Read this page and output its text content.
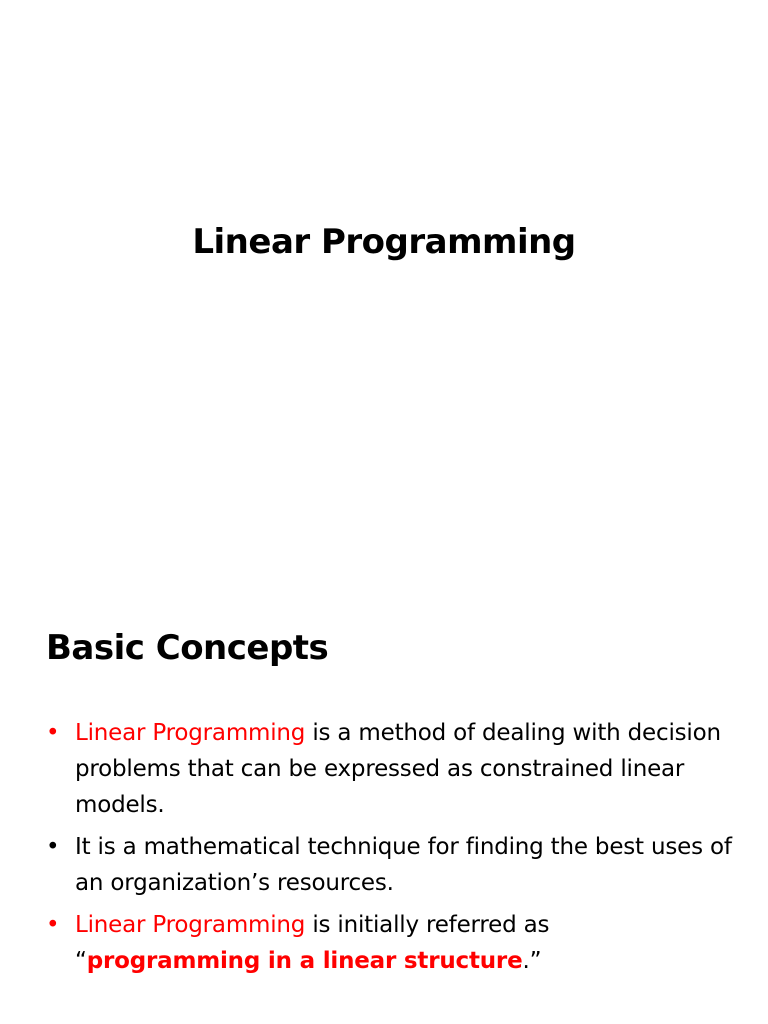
Linear Programming
Basic Concepts
• Linear Programming is a method of dealing with decision problems that can be expressed as constrained linear models.
• It is a mathematical technique for finding the best uses of an organization’s resources.
• Linear Programming is initially referred as
“programming in a linear structure.”
